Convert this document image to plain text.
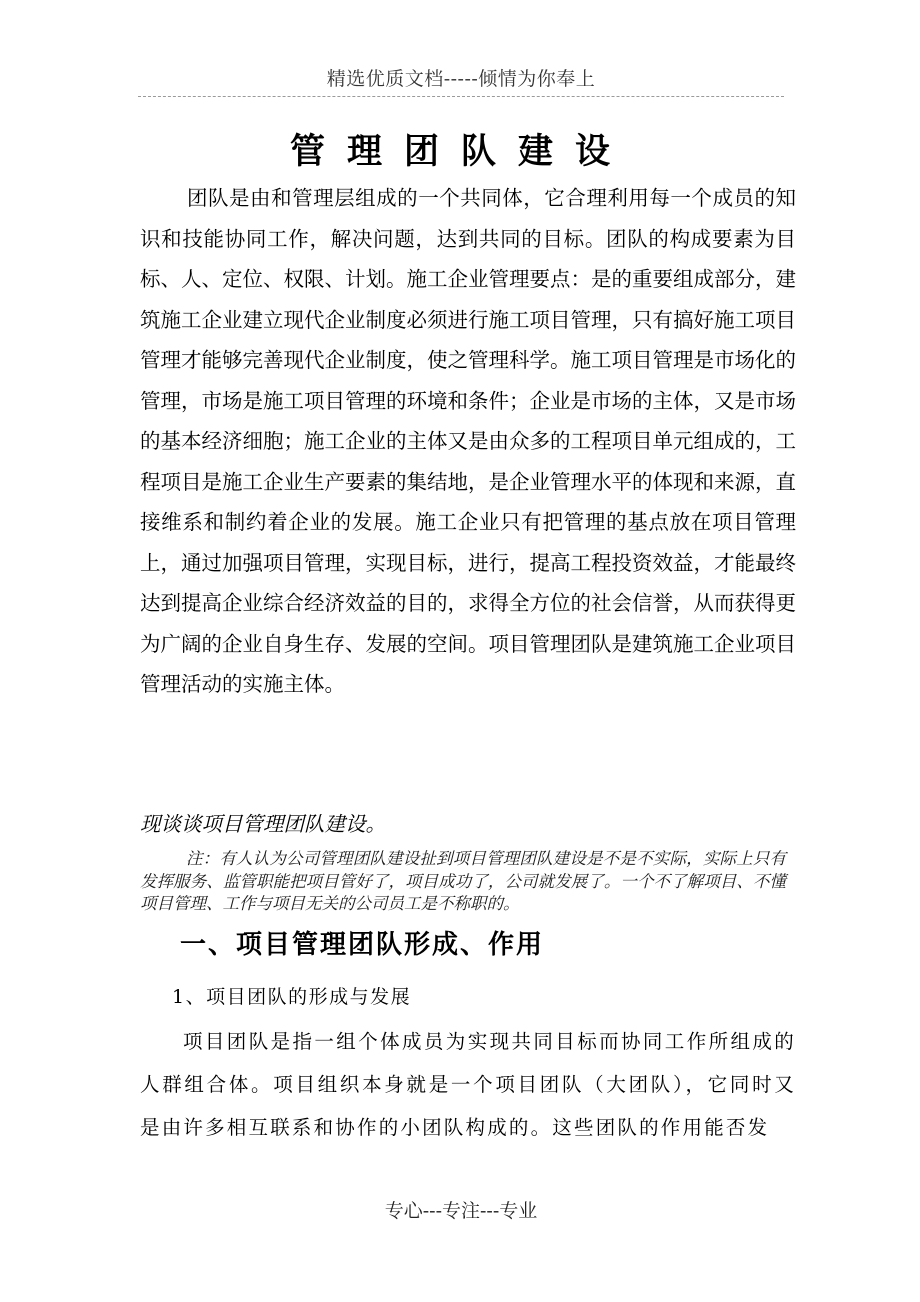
精选优质文档-----倾情为你奉上
管理团队建设
团队是由和管理层组成的一个共同体，它合理利用每一个成员的知识和技能协同工作，解决问题，达到共同的目标。团队的构成要素为目标、人、定位、权限、计划。施工企业管理要点：是的重要组成部分，建筑施工企业建立现代企业制度必须进行施工项目管理，只有搞好施工项目管理才能够完善现代企业制度，使之管理科学。施工项目管理是市场化的管理，市场是施工项目管理的环境和条件；企业是市场的主体，又是市场的基本经济细胞；施工企业的主体又是由众多的工程项目单元组成的，工程项目是施工企业生产要素的集结地，是企业管理水平的体现和来源，直接维系和制约着企业的发展。施工企业只有把管理的基点放在项目管理上，通过加强项目管理，实现目标，进行，提高工程投资效益，才能最终达到提高企业综合经济效益的目的，求得全方位的社会信誉，从而获得更为广阔的企业自身生存、发展的空间。项目管理团队是建筑施工企业项目管理活动的实施主体。
现谈谈项目管理团队建设。
注：有人认为公司管理团队建设扯到项目管理团队建设是不是不实际，实际上只有发挥服务、监管职能把项目管好了，项目成功了，公司就发展了。一个不了解项目、不懂项目管理、工作与项目无关的公司员工是不称职的。
一、项目管理团队形成、作用
1、项目团队的形成与发展
项目团队是指一组个体成员为实现共同目标而协同工作所组成的人群组合体。项目组织本身就是一个项目团队（大团队），它同时又是由许多相互联系和协作的小团队构成的。这些团队的作用能否发
专心---专注---专业
